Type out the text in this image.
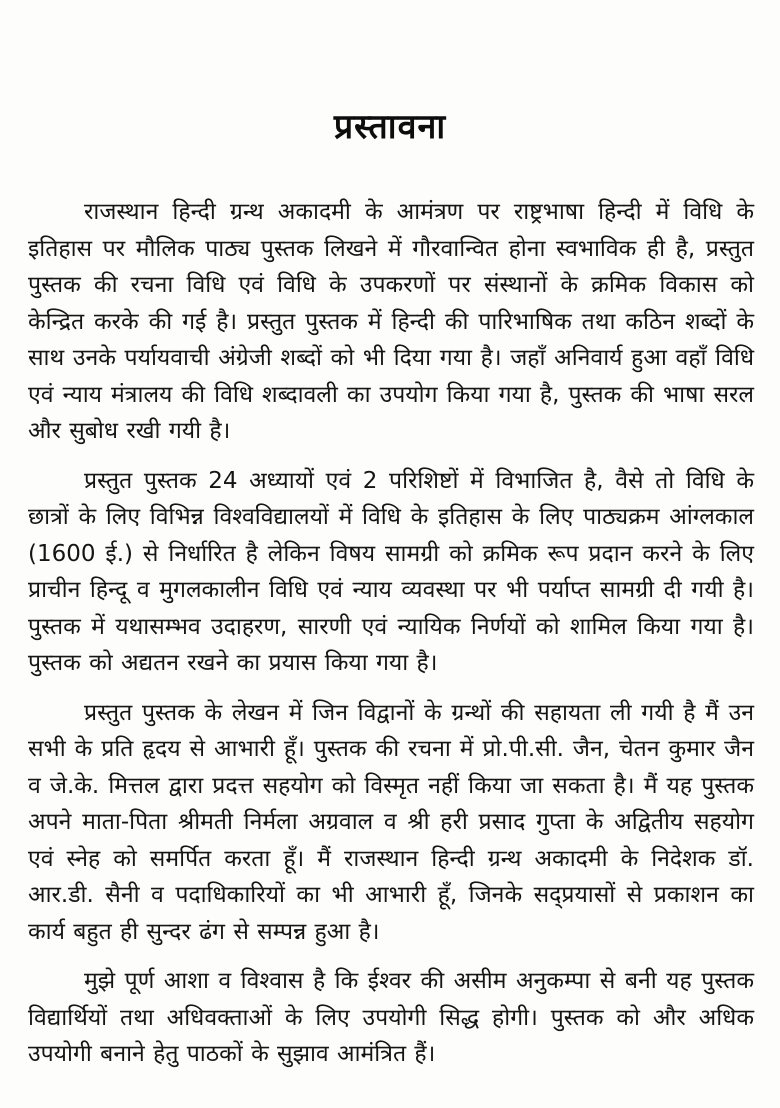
प्रस्तावना

राजस्थान हिन्दी ग्रन्थ अकादमी के आमंत्रण पर राष्ट्रभाषा हिन्दी में विधि के इतिहास पर मौलिक पाठ्य पुस्तक लिखने में गौरवान्वित होना स्वभाविक ही है, प्रस्तुत पुस्तक की रचना विधि एवं विधि के उपकरणों पर संस्थानों के क्रमिक विकास को केन्द्रित करके की गई है। प्रस्तुत पुस्तक में हिन्दी की पारिभाषिक तथा कठिन शब्दों के साथ उनके पर्यायवाची अंग्रेजी शब्दों को भी दिया गया है। जहाँ अनिवार्य हुआ वहाँ विधि एवं न्याय मंत्रालय की विधि शब्दावली का उपयोग किया गया है, पुस्तक की भाषा सरल और सुबोध रखी गयी है।

प्रस्तुत पुस्तक 24 अध्यायों एवं 2 परिशिष्टों में विभाजित है, वैसे तो विधि के छात्रों के लिए विभिन्न विश्वविद्यालयों में विधि के इतिहास के लिए पाठ्यक्रम आंग्लकाल (1600 ई.) से निर्धारित है लेकिन विषय सामग्री को क्रमिक रूप प्रदान करने के लिए प्राचीन हिन्दू व मुगलकालीन विधि एवं न्याय व्यवस्था पर भी पर्याप्त सामग्री दी गयी है। पुस्तक में यथासम्भव उदाहरण, सारणी एवं न्यायिक निर्णयों को शामिल किया गया है। पुस्तक को अद्यतन रखने का प्रयास किया गया है।

प्रस्तुत पुस्तक के लेखन में जिन विद्वानों के ग्रन्थों की सहायता ली गयी है मैं उन सभी के प्रति हृदय से आभारी हूँ। पुस्तक की रचना में प्रो.पी.सी. जैन, चेतन कुमार जैन व जे.के. मित्तल द्वारा प्रदत्त सहयोग को विस्मृत नहीं किया जा सकता है। मैं यह पुस्तक अपने माता-पिता श्रीमती निर्मला अग्रवाल व श्री हरी प्रसाद गुप्ता के अद्वितीय सहयोग एवं स्नेह को समर्पित करता हूँ। मैं राजस्थान हिन्दी ग्रन्थ अकादमी के निदेशक डॉ. आर.डी. सैनी व पदाधिकारियों का भी आभारी हूँ, जिनके सद्प्रयासों से प्रकाशन का कार्य बहुत ही सुन्दर ढंग से सम्पन्न हुआ है।

मुझे पूर्ण आशा व विश्वास है कि ईश्वर की असीम अनुकम्पा से बनी यह पुस्तक विद्यार्थियों तथा अधिवक्ताओं के लिए उपयोगी सिद्ध होगी। पुस्तक को और अधिक उपयोगी बनाने हेतु पाठकों के सुझाव आमंत्रित हैं।
